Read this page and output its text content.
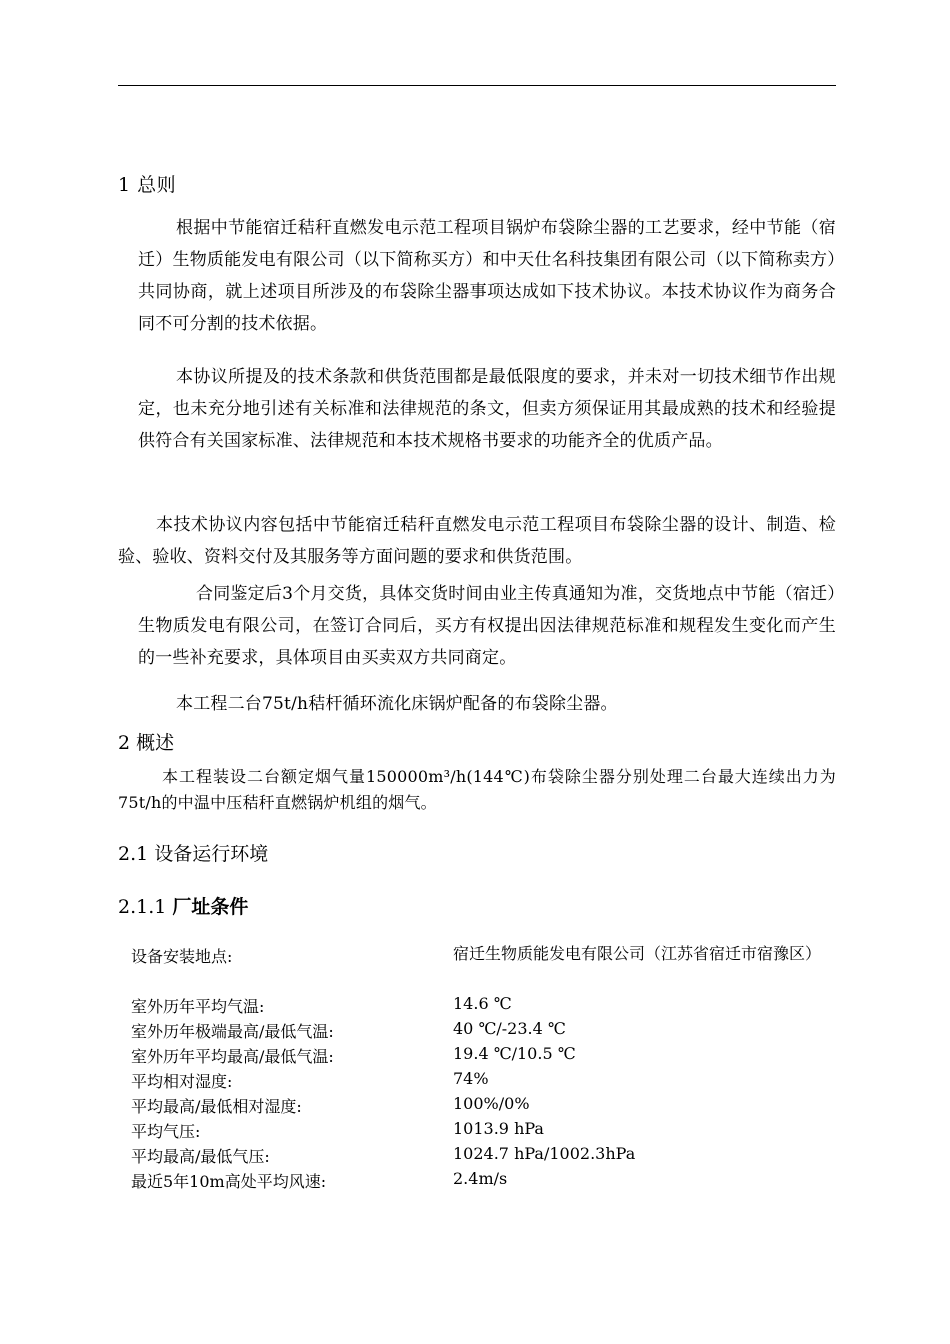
1 总则
根据中节能宿迁秸秆直燃发电示范工程项目锅炉布袋除尘器的工艺要求，经中节能（宿迁）生物质能发电有限公司（以下简称买方）和中天仕名科技集团有限公司（以下简称卖方）共同协商，就上述项目所涉及的布袋除尘器事项达成如下技术协议。本技术协议作为商务合同不可分割的技术依据。
本协议所提及的技术条款和供货范围都是最低限度的要求，并未对一切技术细节作出规定，也未充分地引述有关标准和法律规范的条文，但卖方须保证用其最成熟的技术和经验提供符合有关国家标准、法律规范和本技术规格书要求的功能齐全的优质产品。
本技术协议内容包括中节能宿迁秸秆直燃发电示范工程项目布袋除尘器的设计、制造、检验、验收、资料交付及其服务等方面问题的要求和供货范围。
合同鉴定后3个月交货，具体交货时间由业主传真通知为准，交货地点中节能（宿迁）生物质发电有限公司，在签订合同后，买方有权提出因法律规范标准和规程发生变化而产生的一些补充要求，具体项目由买卖双方共同商定。
本工程二台75t/h秸杆循环流化床锅炉配备的布袋除尘器。
2 概述
本工程装设二台额定烟气量150000m³/h(144℃)布袋除尘器分别处理二台最大连续出力为75t/h的中温中压秸秆直燃锅炉机组的烟气。
2.1 设备运行环境
2.1.1 厂址条件
设备安装地点:	宿迁生物质能发电有限公司（江苏省宿迁市宿豫区）
室外历年平均气温:	14.6 ℃
室外历年极端最高/最低气温:	40 ℃/-23.4 ℃
室外历年平均最高/最低气温:	19.4 ℃/10.5 ℃
平均相对湿度:	74%
平均最高/最低相对湿度:	100%/0%
平均气压:	1013.9 hPa
平均最高/最低气压:	1024.7 hPa/1002.3hPa
最近5年10m高处平均风速:	2.4m/s
